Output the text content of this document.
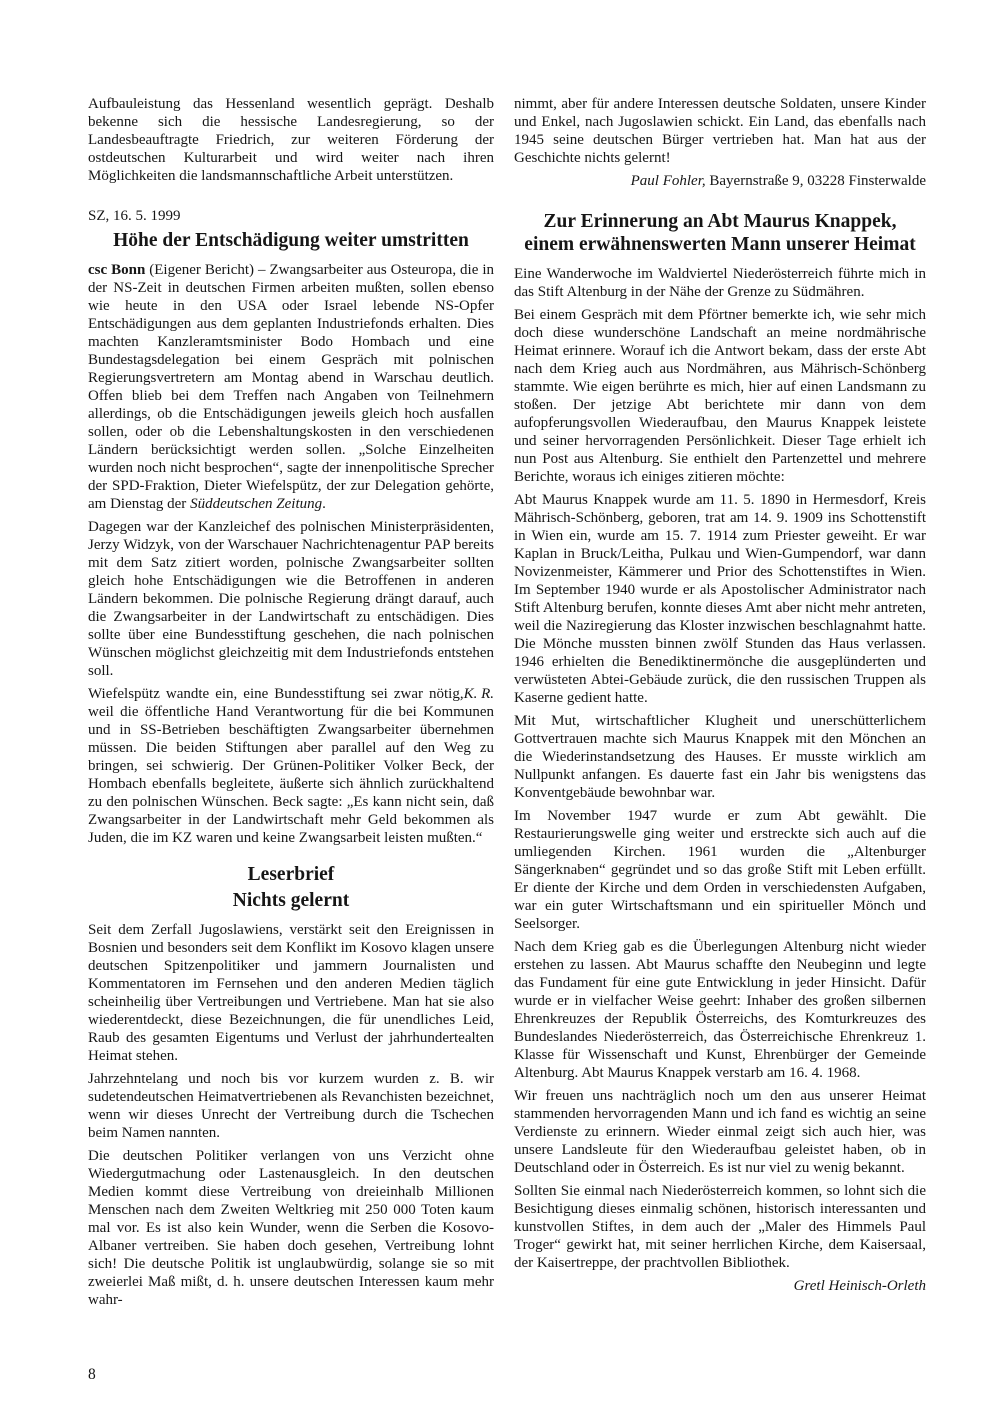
Aufbauleistung das Hessenland wesentlich geprägt. Deshalb bekenne sich die hessische Landesregierung, so der Landesbeauftragte Friedrich, zur weiteren Förderung der ostdeutschen Kulturarbeit und wird weiter nach ihren Möglichkeiten die landsmannschaftliche Arbeit unterstützen.

SZ, 16. 5. 1999

Höhe der Entschädigung weiter umstritten

csc Bonn (Eigener Bericht) – Zwangsarbeiter aus Osteuropa, die in der NS-Zeit in deutschen Firmen arbeiten mußten, sollen ebenso wie heute in den USA oder Israel lebende NS-Opfer Entschädigungen aus dem geplanten Industriefonds erhalten. Dies machten Kanzleramtsminister Bodo Hombach und eine Bundestagsdelegation bei einem Gespräch mit polnischen Regierungsvertretern am Montag abend in Warschau deutlich. Offen blieb bei dem Treffen nach Angaben von Teilnehmern allerdings, ob die Entschädigungen jeweils gleich hoch ausfallen sollen, oder ob die Lebenshaltungskosten in den verschiedenen Ländern berücksichtigt werden sollen. „Solche Einzelheiten wurden noch nicht besprochen“, sagte der innenpolitische Sprecher der SPD-Fraktion, Dieter Wiefelspütz, der zur Delegation gehörte, am Dienstag der Süddeutschen Zeitung.

Dagegen war der Kanzleichef des polnischen Ministerpräsidenten, Jerzy Widzyk, von der Warschauer Nachrichtenagentur PAP bereits mit dem Satz zitiert worden, polnische Zwangsarbeiter sollten gleich hohe Entschädigungen wie die Betroffenen in anderen Ländern bekommen. Die polnische Regierung drängt darauf, auch die Zwangsarbeiter in der Landwirtschaft zu entschädigen. Dies sollte über eine Bundesstiftung geschehen, die nach polnischen Wünschen möglichst gleichzeitig mit dem Industriefonds entstehen soll.

K. R.
Wiefelspütz wandte ein, eine Bundesstiftung sei zwar nötig, weil die öffentliche Hand Verantwortung für die bei Kommunen und in SS-Betrieben beschäftigten Zwangsarbeiter übernehmen müssen. Die beiden Stiftungen aber parallel auf den Weg zu bringen, sei schwierig. Der Grünen-Politiker Volker Beck, der Hombach ebenfalls begleitete, äußerte sich ähnlich zurückhaltend zu den polnischen Wünschen. Beck sagte: „Es kann nicht sein, daß Zwangsarbeiter in der Landwirtschaft mehr Geld bekommen als Juden, die im KZ waren und keine Zwangsarbeit leisten mußten.“

Leserbrief

Nichts gelernt

Seit dem Zerfall Jugoslawiens, verstärkt seit den Ereignissen in Bosnien und besonders seit dem Konflikt im Kosovo klagen unsere deutschen Spitzenpolitiker und jammern Journalisten und Kommentatoren im Fernsehen und den anderen Medien täglich scheinheilig über Vertreibungen und Vertriebene. Man hat sie also wiederentdeckt, diese Bezeichnungen, die für unendliches Leid, Raub des gesamten Eigentums und Verlust der jahrhundertealten Heimat stehen.

Jahrzehntelang und noch bis vor kurzem wurden z. B. wir sudetendeutschen Heimatvertriebenen als Revanchisten bezeichnet, wenn wir dieses Unrecht der Vertreibung durch die Tschechen beim Namen nannten.

Die deutschen Politiker verlangen von uns Verzicht ohne Wiedergutmachung oder Lastenausgleich. In den deutschen Medien kommt diese Vertreibung von dreieinhalb Millionen Menschen nach dem Zweiten Weltkrieg mit 250 000 Toten kaum mal vor. Es ist also kein Wunder, wenn die Serben die Kosovo-Albaner vertreiben. Sie haben doch gesehen, Vertreibung lohnt sich! Die deutsche Politik ist unglaubwürdig, solange sie so mit zweierlei Maß mißt, d. h. unsere deutschen Interessen kaum mehr wahr-

nimmt, aber für andere Interessen deutsche Soldaten, unsere Kinder und Enkel, nach Jugoslawien schickt. Ein Land, das ebenfalls nach 1945 seine deutschen Bürger vertrieben hat. Man hat aus der Geschichte nichts gelernt!

Paul Fohler, Bayernstraße 9, 03228 Finsterwalde

Zur Erinnerung an Abt Maurus Knappek,
einem erwähnenswerten Mann unserer Heimat

Eine Wanderwoche im Waldviertel Niederösterreich führte mich in das Stift Altenburg in der Nähe der Grenze zu Südmähren.

Bei einem Gespräch mit dem Pförtner bemerkte ich, wie sehr mich doch diese wunderschöne Landschaft an meine nordmährische Heimat erinnere. Worauf ich die Antwort bekam, dass der erste Abt nach dem Krieg auch aus Nordmähren, aus Mährisch-Schönberg stammte. Wie eigen berührte es mich, hier auf einen Landsmann zu stoßen. Der jetzige Abt berichtete mir dann von dem aufopferungsvollen Wiederaufbau, den Maurus Knappek leistete und seiner hervorragenden Persönlichkeit. Dieser Tage erhielt ich nun Post aus Altenburg. Sie enthielt den Partenzettel und mehrere Berichte, woraus ich einiges zitieren möchte:

Abt Maurus Knappek wurde am 11. 5. 1890 in Hermesdorf, Kreis Mährisch-Schönberg, geboren, trat am 14. 9. 1909 ins Schottenstift in Wien ein, wurde am 15. 7. 1914 zum Priester geweiht. Er war Kaplan in Bruck/Leitha, Pulkau und Wien-Gumpendorf, war dann Novizenmeister, Kämmerer und Prior des Schottenstiftes in Wien. Im September 1940 wurde er als Apostolischer Administrator nach Stift Altenburg berufen, konnte dieses Amt aber nicht mehr antreten, weil die Naziregierung das Kloster inzwischen beschlagnahmt hatte. Die Mönche mussten binnen zwölf Stunden das Haus verlassen. 1946 erhielten die Benediktinermönche die ausgeplünderten und verwüsteten Abtei-Gebäude zurück, die den russischen Truppen als Kaserne gedient hatte.

Mit Mut, wirtschaftlicher Klugheit und unerschütterlichem Gottvertrauen machte sich Maurus Knappek mit den Mönchen an die Wiederinstandsetzung des Hauses. Er musste wirklich am Nullpunkt anfangen. Es dauerte fast ein Jahr bis wenigstens das Konventgebäude bewohnbar war.

Im November 1947 wurde er zum Abt gewählt. Die Restaurierungswelle ging weiter und erstreckte sich auch auf die umliegenden Kirchen. 1961 wurden die „Altenburger Sängerknaben“ gegründet und so das große Stift mit Leben erfüllt. Er diente der Kirche und dem Orden in verschiedensten Aufgaben, war ein guter Wirtschaftsmann und ein spiritueller Mönch und Seelsorger.

Nach dem Krieg gab es die Überlegungen Altenburg nicht wieder erstehen zu lassen. Abt Maurus schaffte den Neubeginn und legte das Fundament für eine gute Entwicklung in jeder Hinsicht. Dafür wurde er in vielfacher Weise geehrt: Inhaber des großen silbernen Ehrenkreuzes der Republik Österreichs, des Komturkreuzes des Bundeslandes Niederösterreich, das Österreichische Ehrenkreuz 1. Klasse für Wissenschaft und Kunst, Ehrenbürger der Gemeinde Altenburg. Abt Maurus Knappek verstarb am 16. 4. 1968.

Wir freuen uns nachträglich noch um den aus unserer Heimat stammenden hervorragenden Mann und ich fand es wichtig an seine Verdienste zu erinnern. Wieder einmal zeigt sich auch hier, was unsere Landsleute für den Wiederaufbau geleistet haben, ob in Deutschland oder in Österreich. Es ist nur viel zu wenig bekannt.

Sollten Sie einmal nach Niederösterreich kommen, so lohnt sich die Besichtigung dieses einmalig schönen, historisch interessanten und kunstvollen Stiftes, in dem auch der „Maler des Himmels Paul Troger“ gewirkt hat, mit seiner herrlichen Kirche, dem Kaisersaal, der Kaisertreppe, der prachtvollen Bibliothek.

Gretl Heinisch-Orleth

8
